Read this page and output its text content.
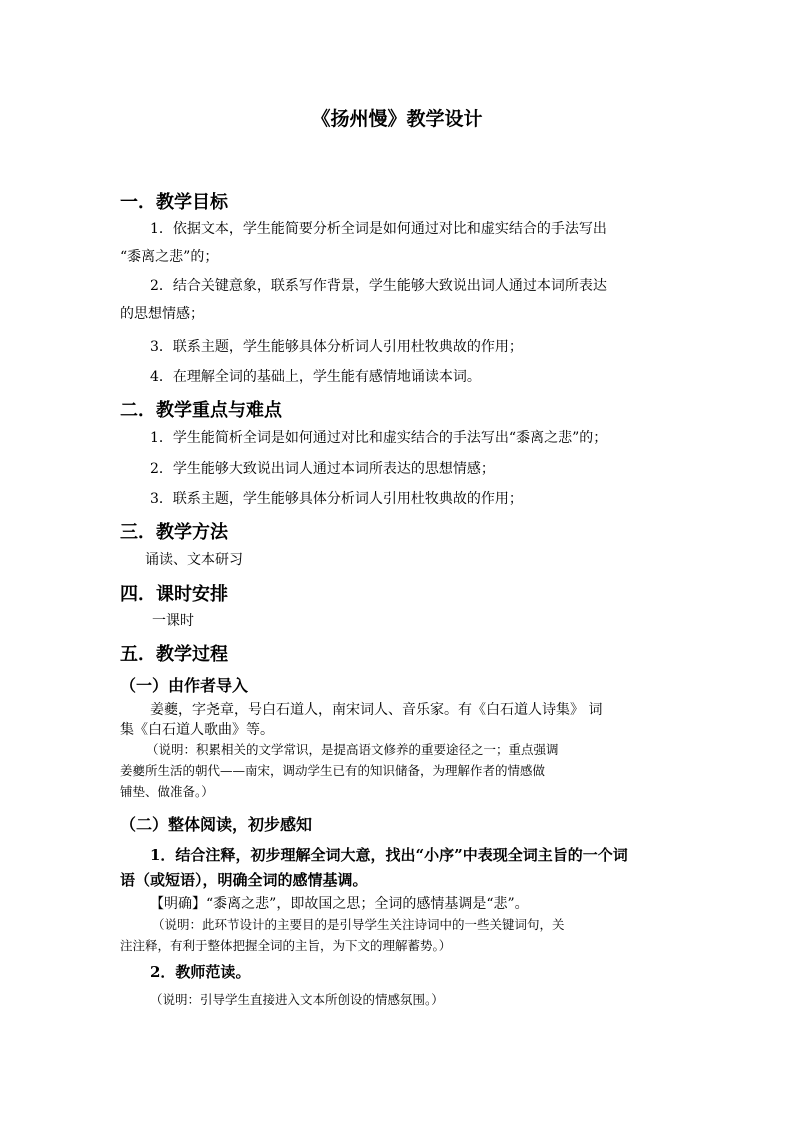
《扬州慢》教学设计
一．教学目标
1．依据文本，学生能简要分析全词是如何通过对比和虚实结合的手法写出
“黍离之悲”的；
2．结合关键意象，联系写作背景，学生能够大致说出词人通过本词所表达
的思想情感；
3．联系主题，学生能够具体分析词人引用杜牧典故的作用；
4．在理解全词的基础上，学生能有感情地诵读本词。
二．教学重点与难点
1．学生能简析全词是如何通过对比和虚实结合的手法写出“黍离之悲”的；
2．学生能够大致说出词人通过本词所表达的思想情感；
3．联系主题，学生能够具体分析词人引用杜牧典故的作用；
三．教学方法
诵读、文本研习
四．课时安排
一课时
五．教学过程
（一）由作者导入
姜夔，字尧章，号白石道人，南宋词人、音乐家。有《白石道人诗集》 词
集《白石道人歌曲》等。
（说明：积累相关的文学常识，是提高语文修养的重要途径之一；重点强调
姜夔所生活的朝代——南宋，调动学生已有的知识储备，为理解作者的情感做
铺垫、做准备。）
（二）整体阅读，初步感知
1．结合注释，初步理解全词大意，找出“小序”中表现全词主旨的一个词
语（或短语），明确全词的感情基调。
【明确】“黍离之悲”，即故国之思；全词的感情基调是“悲”。
（说明：此环节设计的主要目的是引导学生关注诗词中的一些关键词句，关
注注释，有利于整体把握全词的主旨，为下文的理解蓄势。）
2．教师范读。
（说明：引导学生直接进入文本所创设的情感氛围。）
